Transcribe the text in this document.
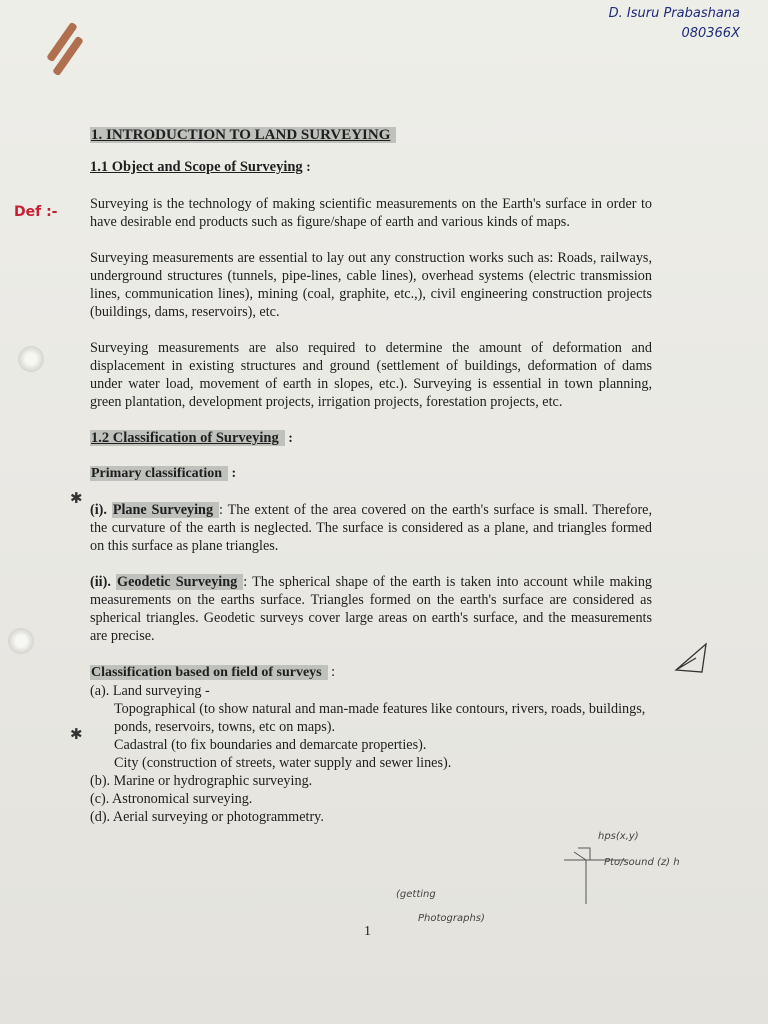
D. Isuru Prabashana
080366X
Def :-
✱
✱
hps(x,y)
Pto/sound (z) h
(getting
Photographs)
1. INTRODUCTION TO LAND SURVEYING
1.1 Object and Scope of Surveying :

Surveying is the technology of making scientific measurements on the Earth's surface in order to have desirable end products such as figure/shape of earth and various kinds of maps.

Surveying measurements are essential to lay out any construction works such as: Roads, railways, underground structures (tunnels, pipe-lines, cable lines), overhead systems (electric transmission lines, communication lines), mining (coal, graphite, etc.,), civil engineering construction projects (buildings, dams, reservoirs), etc.

Surveying measurements are also required to determine the amount of deformation and displacement in existing structures and ground (settlement of buildings, deformation of dams under water load, movement of earth in slopes, etc.). Surveying is essential in town planning, green plantation, development projects, irrigation projects, forestation projects, etc.

1.2 Classification of Surveying :
Primary classification :

(i). Plane Surveying : The extent of the area covered on the earth's surface is small. Therefore, the curvature of the earth is neglected. The surface is considered as a plane, and triangles formed on this surface as plane triangles.

(ii). Geodetic Surveying : The spherical shape of the earth is taken into account while making measurements on the earths surface. Triangles formed on the earth's surface are considered as spherical triangles. Geodetic surveys cover large areas on earth's surface, and the measurements are precise.

Classification based on field of surveys :
(a). Land surveying -
Topographical (to show natural and man-made features like contours, rivers, roads, buildings, ponds, reservoirs, towns, etc on maps).
Cadastral (to fix boundaries and demarcate properties).
City (construction of streets, water supply and sewer lines).
(b). Marine or hydrographic surveying.
(c). Astronomical surveying.
(d). Aerial surveying or photogrammetry.
1
